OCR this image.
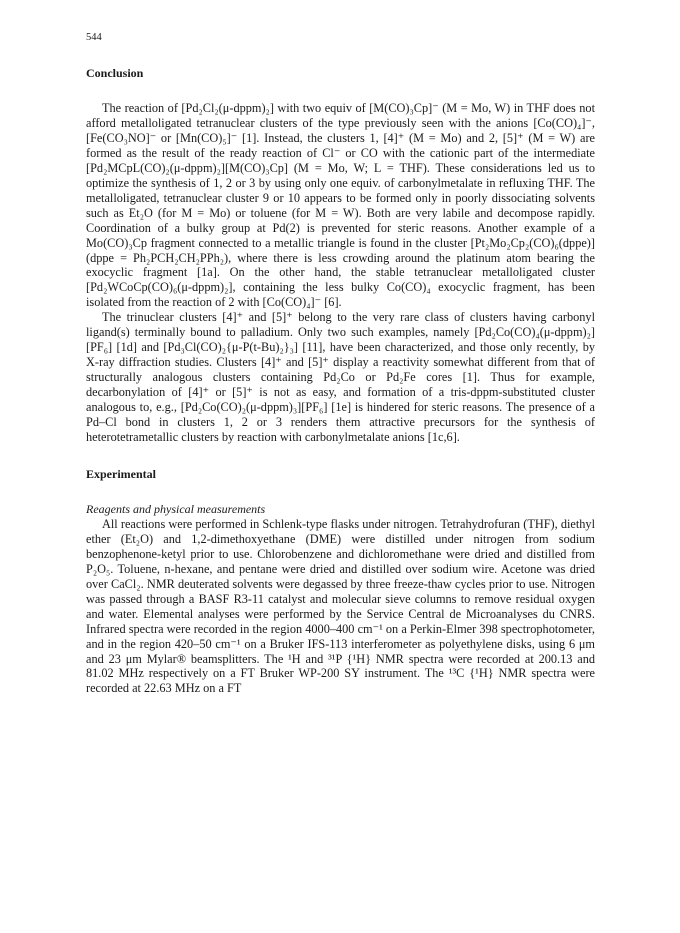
544
Conclusion

The reaction of [Pd₂Cl₂(μ-dppm)₂] with two equiv of [M(CO)₃Cp]⁻ (M = Mo, W) in THF does not afford metalloligated tetranuclear clusters of the type previously seen with the anions [Co(CO)₄]⁻, [Fe(CO₃NO]⁻ or [Mn(CO)₅]⁻ [1]. Instead, the clusters 1, [4]⁺ (M = Mo) and 2, [5]⁺ (M = W) are formed as the result of the ready reaction of Cl⁻ or CO with the cationic part of the intermediate [Pd₂MCpL(CO)₂(μ-dppm)₂][M(CO)₃Cp] (M = Mo, W; L = THF). These considerations led us to optimize the synthesis of 1, 2 or 3 by using only one equiv. of carbonylmetalate in refluxing THF. The metalloligated, tetranuclear cluster 9 or 10 appears to be formed only in poorly dissociating solvents such as Et₂O (for M = Mo) or toluene (for M = W). Both are very labile and decompose rapidly. Coordination of a bulky group at Pd(2) is prevented for steric reasons. Another example of a Mo(CO)₃Cp fragment connected to a metallic triangle is found in the cluster [Pt₂Mo₂Cp₂(CO)₆(dppe)] (dppe = Ph₂PCH₂CH₂PPh₂), where there is less crowding around the platinum atom bearing the exocyclic fragment [1a]. On the other hand, the stable tetranuclear metalloligated cluster [Pd₂WCoCp(CO)₆(μ-dppm)₂], containing the less bulky Co(CO)₄ exocyclic fragment, has been isolated from the reaction of 2 with [Co(CO)₄]⁻ [6].

The trinuclear clusters [4]⁺ and [5]⁺ belong to the very rare class of clusters having carbonyl ligand(s) terminally bound to palladium. Only two such examples, namely [Pd₂Co(CO)₄(μ-dppm)₂][PF₆] [1d] and [Pd₃Cl(CO)₂{μ-P(t-Bu)₂}₃] [11], have been characterized, and those only recently, by X-ray diffraction studies. Clusters [4]⁺ and [5]⁺ display a reactivity somewhat different from that of structurally analogous clusters containing Pd₂Co or Pd₂Fe cores [1]. Thus for example, decarbonylation of [4]⁺ or [5]⁺ is not as easy, and formation of a tris-dppm-substituted cluster analogous to, e.g., [Pd₂Co(CO)₂(μ-dppm)₃][PF₆] [1e] is hindered for steric reasons. The presence of a Pd–Cl bond in clusters 1, 2 or 3 renders them attractive precursors for the synthesis of heterotetrametallic clusters by reaction with carbonylmetalate anions [1c,6].

Experimental
Reagents and physical measurements

All reactions were performed in Schlenk-type flasks under nitrogen. Tetrahydrofuran (THF), diethyl ether (Et₂O) and 1,2-dimethoxyethane (DME) were distilled under nitrogen from sodium benzophenone-ketyl prior to use. Chlorobenzene and dichloromethane were dried and distilled from P₂O₅. Toluene, n-hexane, and pentane were dried and distilled over sodium wire. Acetone was dried over CaCl₂. NMR deuterated solvents were degassed by three freeze-thaw cycles prior to use. Nitrogen was passed through a BASF R3-11 catalyst and molecular sieve columns to remove residual oxygen and water. Elemental analyses were performed by the Service Central de Microanalyses du CNRS. Infrared spectra were recorded in the region 4000–400 cm⁻¹ on a Perkin-Elmer 398 spectrophotometer, and in the region 420–50 cm⁻¹ on a Bruker IFS-113 interferometer as polyethylene disks, using 6 μm and 23 μm Mylar® beamsplitters. The ¹H and ³¹P {¹H} NMR spectra were recorded at 200.13 and 81.02 MHz respectively on a FT Bruker WP-200 SY instrument. The ¹³C {¹H} NMR spectra were recorded at 22.63 MHz on a FT
